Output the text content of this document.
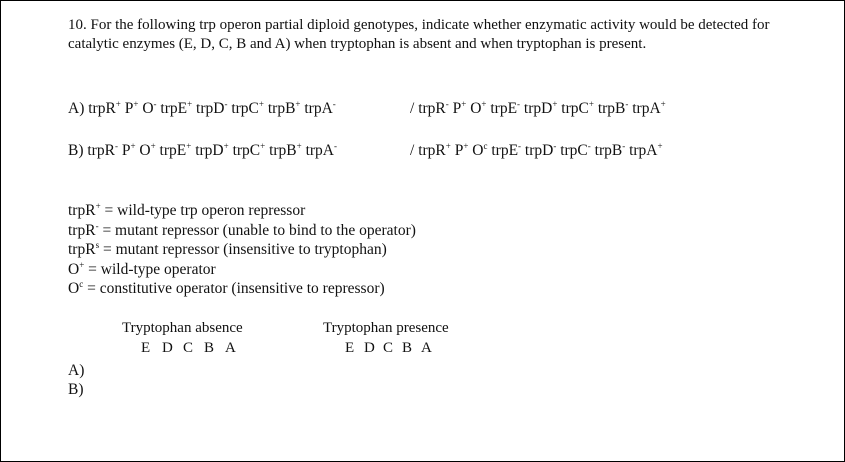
10. For the following trp operon partial diploid genotypes, indicate whether enzymatic activity would be detected for catalytic enzymes (E, D, C, B and A) when tryptophan is absent and when tryptophan is present.
A) trpR+ P+ O- trpE+ trpD- trpC+ trpB+ trpA-	/ trpR- P+ O+ trpE- trpD+ trpC+ trpB- trpA+
B) trpR- P+ O+ trpE+ trpD+ trpC+ trpB+ trpA-	/ trpR+ P+ $O^c$ trpE- trpD- trpC- trpB- trpA+
trpR+ = wild-type trp operon repressor
trpR- = mutant repressor (unable to bind to the operator)
trpR$^s$ = mutant repressor (insensitive to tryptophan)
O+ = wild-type operator
$O^c$ = constitutive operator (insensitive to repressor)
Tryptophan absence	Tryptophan presence
E D C B A	E D C B A
A)
B)
